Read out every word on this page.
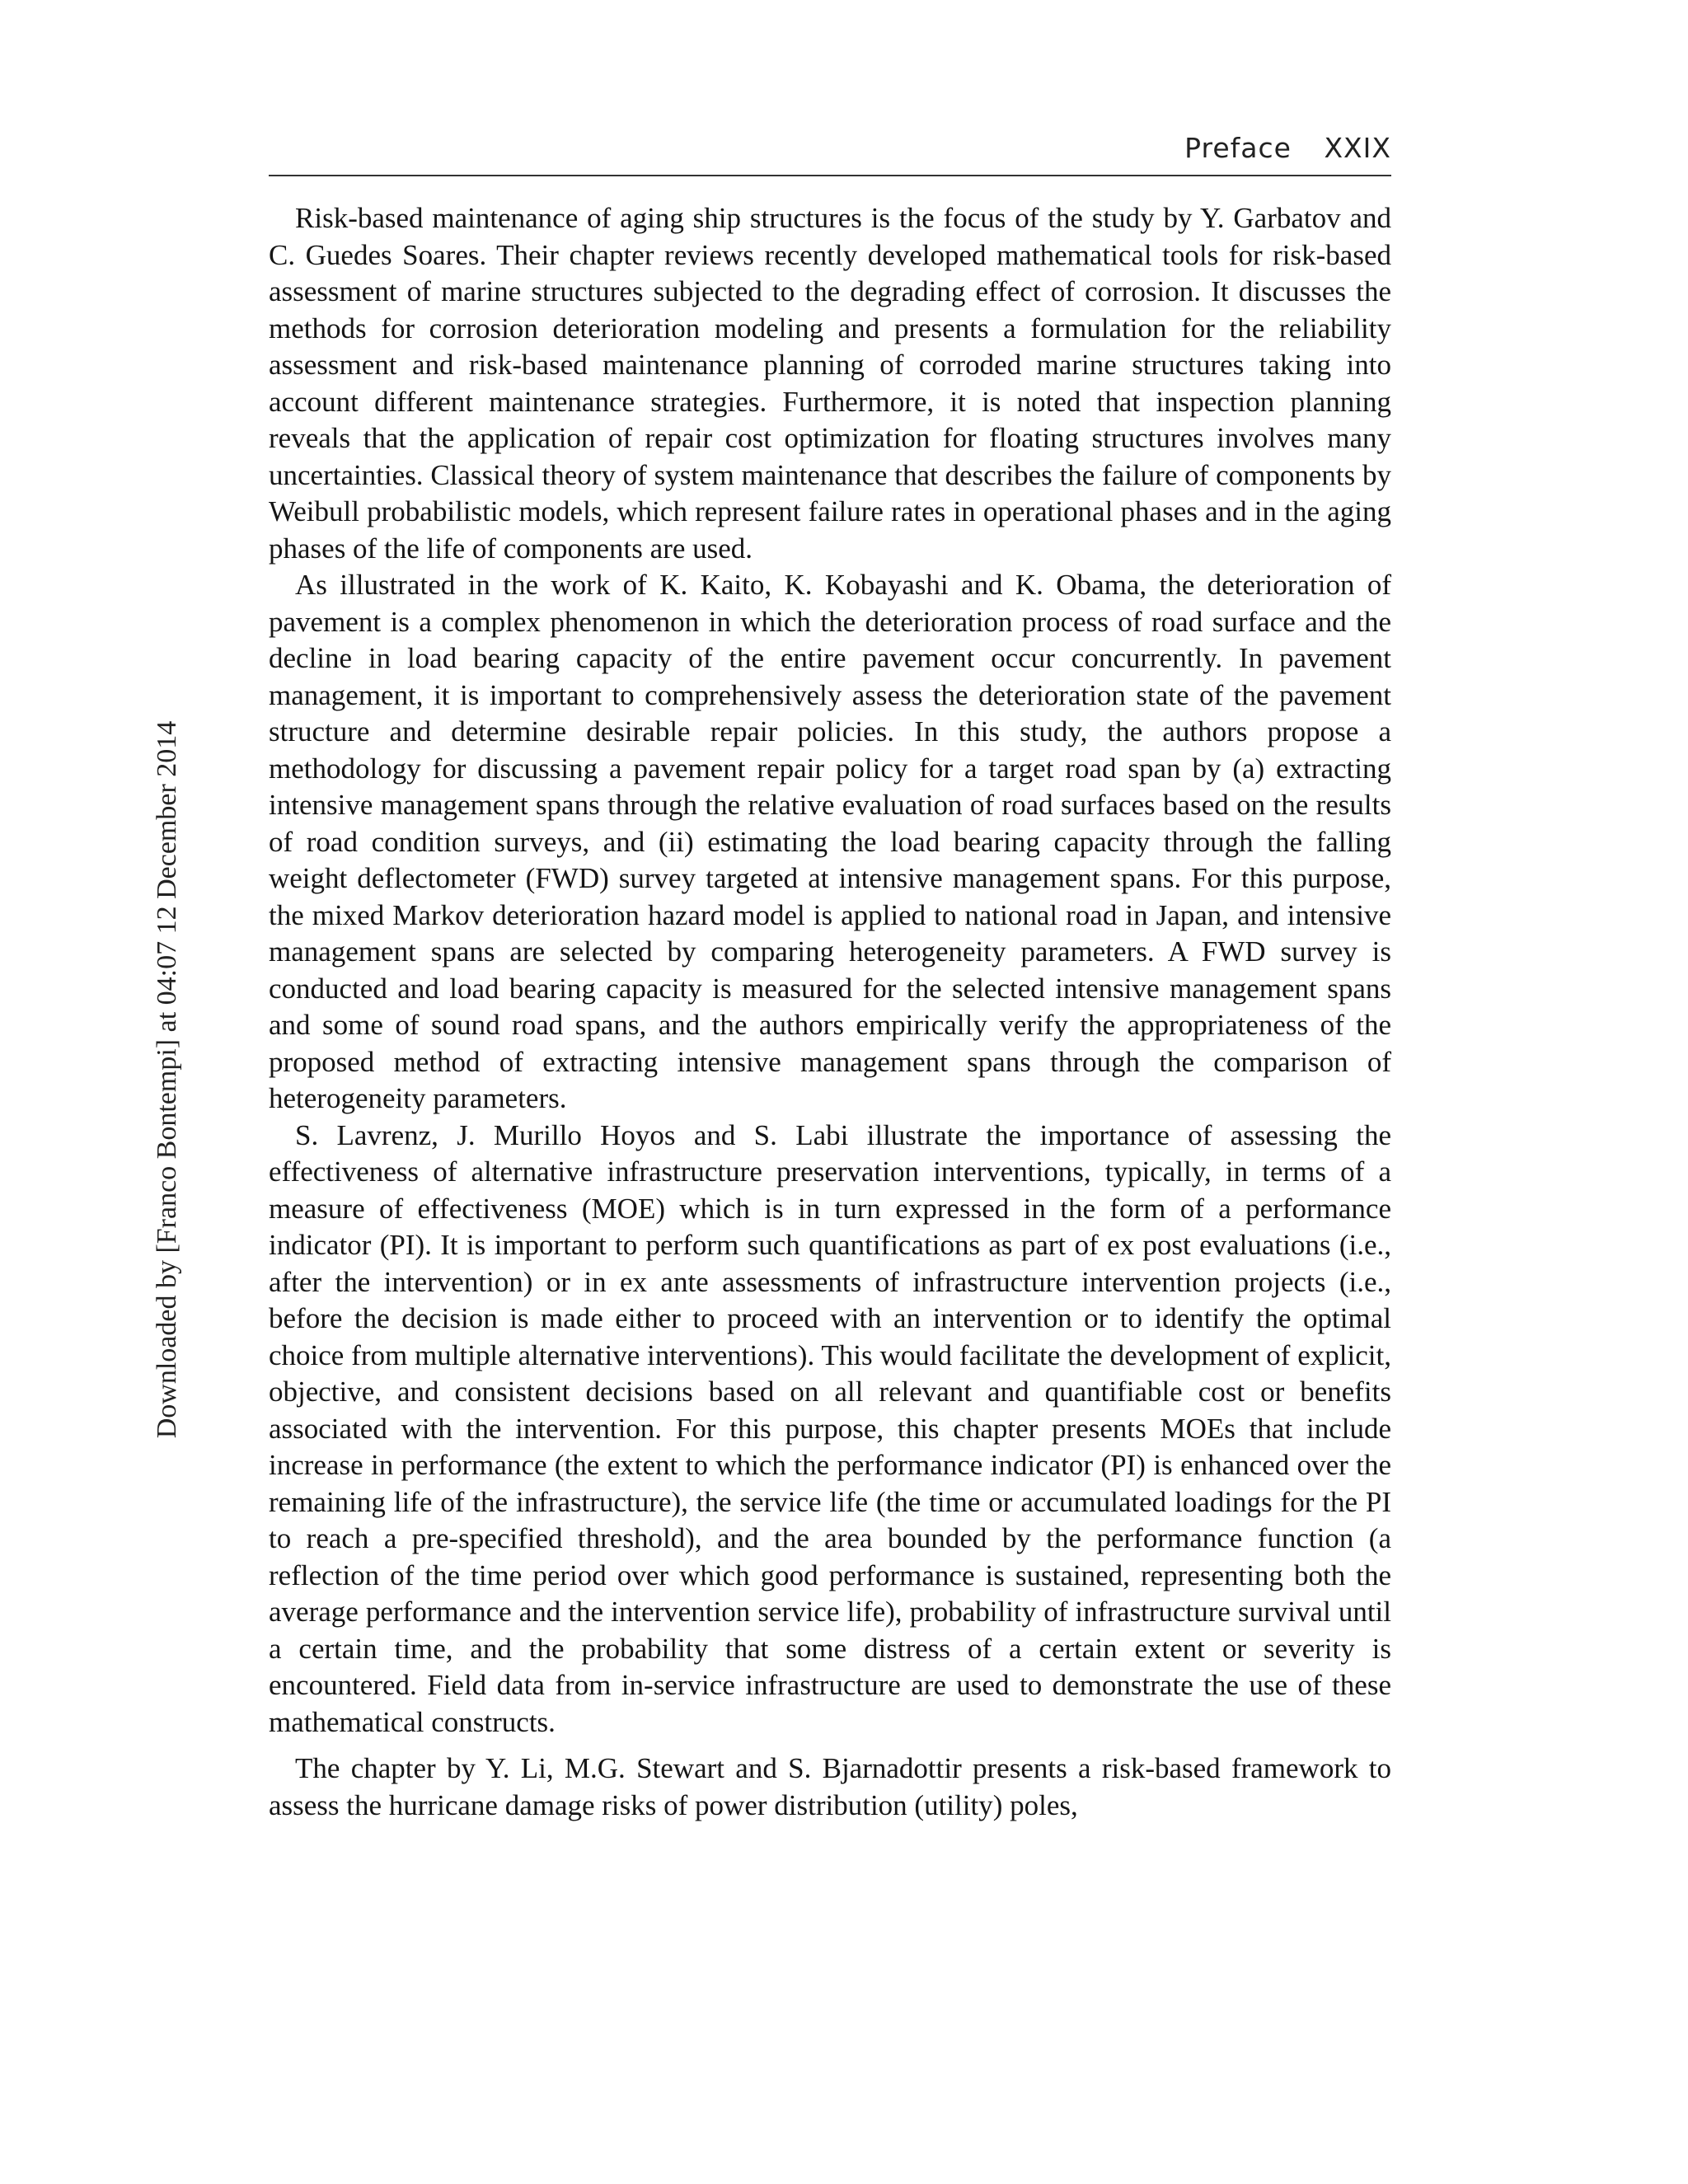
Preface XXIX
Downloaded by [Franco Bontempi] at 04:07 12 December 2014

Risk-based maintenance of aging ship structures is the focus of the study by Y. Garbatov and C. Guedes Soares. Their chapter reviews recently developed mathematical tools for risk-based assessment of marine structures subjected to the degrading effect of corrosion. It discusses the methods for corrosion deterioration modeling and presents a formulation for the reliability assessment and risk-based maintenance planning of corroded marine structures taking into account different maintenance strategies. Furthermore, it is noted that inspection planning reveals that the application of repair cost optimization for floating structures involves many uncertainties. Classical theory of system maintenance that describes the failure of components by Weibull probabilistic models, which represent failure rates in operational phases and in the aging phases of the life of components are used.

As illustrated in the work of K. Kaito, K. Kobayashi and K. Obama, the deterioration of pavement is a complex phenomenon in which the deterioration process of road surface and the decline in load bearing capacity of the entire pavement occur concurrently. In pavement management, it is important to comprehensively assess the deterioration state of the pavement structure and determine desirable repair policies. In this study, the authors propose a methodology for discussing a pavement repair policy for a target road span by (a) extracting intensive management spans through the relative evaluation of road surfaces based on the results of road condition surveys, and (ii) estimating the load bearing capacity through the falling weight deflectometer (FWD) survey targeted at intensive management spans. For this purpose, the mixed Markov deterioration hazard model is applied to national road in Japan, and intensive management spans are selected by comparing heterogeneity parameters. A FWD survey is conducted and load bearing capacity is measured for the selected intensive management spans and some of sound road spans, and the authors empirically verify the appropriateness of the proposed method of extracting intensive management spans through the comparison of heterogeneity parameters.

S. Lavrenz, J. Murillo Hoyos and S. Labi illustrate the importance of assessing the effectiveness of alternative infrastructure preservation interventions, typically, in terms of a measure of effectiveness (MOE) which is in turn expressed in the form of a performance indicator (PI). It is important to perform such quantifications as part of ex post evaluations (i.e., after the intervention) or in ex ante assessments of infrastructure intervention projects (i.e., before the decision is made either to proceed with an intervention or to identify the optimal choice from multiple alternative interventions). This would facilitate the development of explicit, objective, and consistent decisions based on all relevant and quantifiable cost or benefits associated with the intervention. For this purpose, this chapter presents MOEs that include increase in performance (the extent to which the performance indicator (PI) is enhanced over the remaining life of the infrastructure), the service life (the time or accumulated loadings for the PI to reach a pre-specified threshold), and the area bounded by the performance function (a reflection of the time period over which good performance is sustained, representing both the average performance and the intervention service life), probability of infrastructure survival until a certain time, and the probability that some distress of a certain extent or severity is encountered. Field data from in-service infrastructure are used to demonstrate the use of these mathematical constructs.

The chapter by Y. Li, M.G. Stewart and S. Bjarnadottir presents a risk-based framework to assess the hurricane damage risks of power distribution (utility) poles,
